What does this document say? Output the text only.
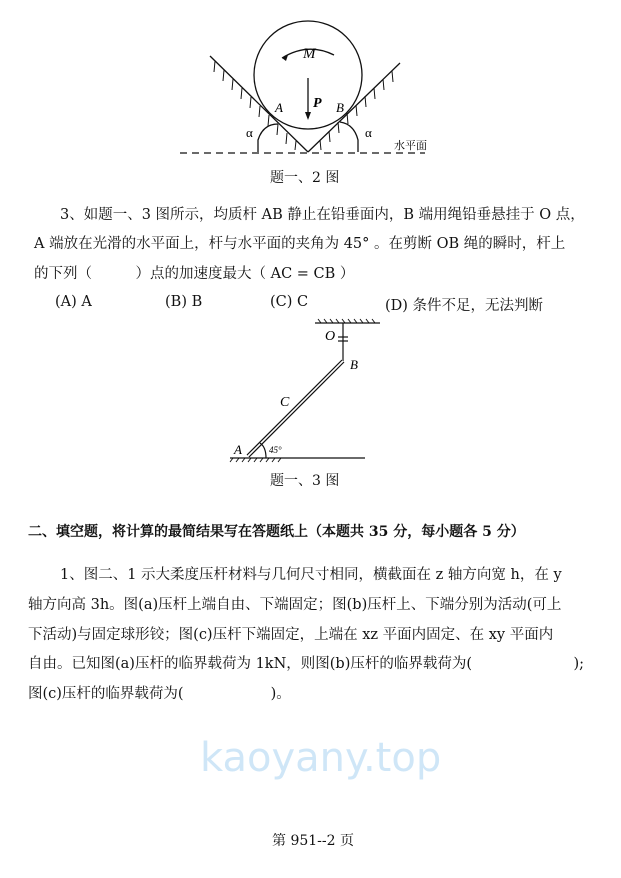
M
P
A	B
α	α
水平面
题一、2 图
3、如题一、3 图所示，均质杆 AB 静止在铅垂面内，B 端用绳铅垂悬挂于 O 点，
A 端放在光滑的水平面上，杆与水平面的夹角为 45° 。在剪断 OB 绳的瞬时，杆上
的下列（　　　）点的加速度最大（ AC = CB ）
(A) A	(B) B	(C) C	(D) 条件不足，无法判断
O
B
C
A	45°
题一、3 图
二、填空题，将计算的最简结果写在答题纸上（本题共 35 分，每小题各 5 分）
1、图二、1 示大柔度压杆材料与几何尺寸相同，横截面在 z 轴方向宽 h，在 y
轴方向高 3h。图(a)压杆上端自由、下端固定；图(b)压杆上、下端分别为活动(可上
下活动)与固定球形铰；图(c)压杆下端固定，上端在 xz 平面内固定、在 xy 平面内
自由。已知图(a)压杆的临界载荷为 1kN，则图(b)压杆的临界载荷为(　　　　　　　);
图(c)压杆的临界载荷为(　　　　　　)。
第 951--2 页
kaoyany.top
